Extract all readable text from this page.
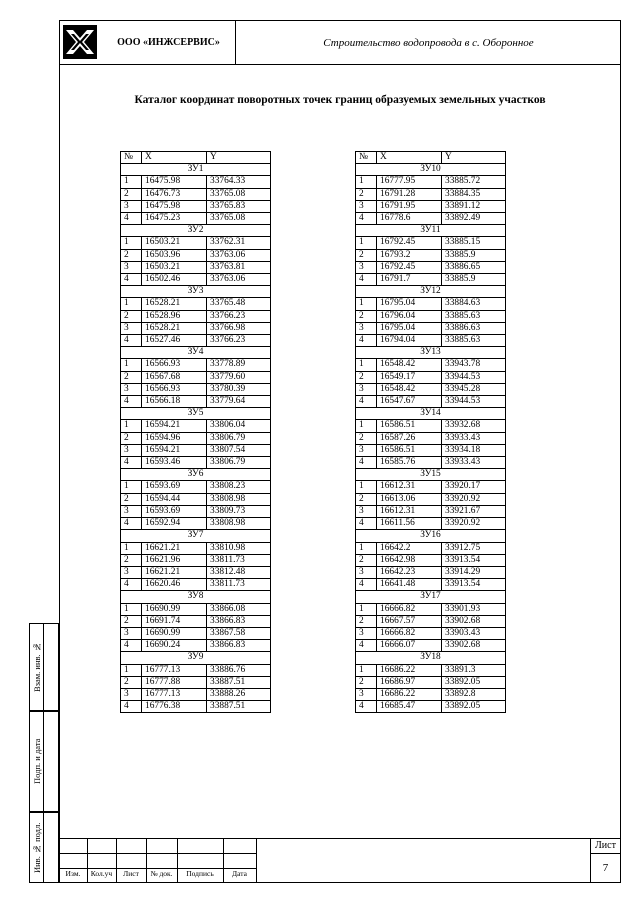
ООО «ИНЖСЕРВИС»	Строительство водопровода в с. Оборонное
Каталог координат поворотных точек границ образуемых земельных участков
№	X	Y
ЗУ1		
1	16475.98	33764.33
2	16476.73	33765.08
3	16475.98	33765.83
4	16475.23	33765.08
ЗУ2		
1	16503.21	33762.31
2	16503.96	33763.06
3	16503.21	33763.81
4	16502.46	33763.06
ЗУ3		
1	16528.21	33765.48
2	16528.96	33766.23
3	16528.21	33766.98
4	16527.46	33766.23
ЗУ4		
1	16566.93	33778.89
2	16567.68	33779.60
3	16566.93	33780.39
4	16566.18	33779.64
ЗУ5		
1	16594.21	33806.04
2	16594.96	33806.79
3	16594.21	33807.54
4	16593.46	33806.79
ЗУ6		
1	16593.69	33808.23
2	16594.44	33808.98
3	16593.69	33809.73
4	16592.94	33808.98
ЗУ7		
1	16621.21	33810.98
2	16621.96	33811.73
3	16621.21	33812.48
4	16620.46	33811.73
ЗУ8		
1	16690.99	33866.08
2	16691.74	33866.83
3	16690.99	33867.58
4	16690.24	33866.83
ЗУ9		
1	16777.13	33886.76
2	16777.88	33887.51
3	16777.13	33888.26
4	16776.38	33887.51
№	X	Y
ЗУ10		
1	16777.95	33885.72
2	16791.28	33884.35
3	16791.95	33891.12
4	16778.6	33892.49
ЗУ11		
1	16792.45	33885.15
2	16793.2	33885.9
3	16792.45	33886.65
4	16791.7	33885.9
ЗУ12		
1	16795.04	33884.63
2	16796.04	33885.63
3	16795.04	33886.63
4	16794.04	33885.63
ЗУ13		
1	16548.42	33943.78
2	16549.17	33944.53
3	16548.42	33945.28
4	16547.67	33944.53
ЗУ14		
1	16586.51	33932.68
2	16587.26	33933.43
3	16586.51	33934.18
4	16585.76	33933.43
ЗУ15		
1	16612.31	33920.17
2	16613.06	33920.92
3	16612.31	33921.67
4	16611.56	33920.92
ЗУ16		
1	16642.2	33912.75
2	16642.98	33913.54
3	16642.23	33914.29
4	16641.48	33913.54
ЗУ17		
1	16666.82	33901.93
2	16667.57	33902.68
3	16666.82	33903.43
4	16666.07	33902.68
ЗУ18		
1	16686.22	33891.3
2	16686.97	33892.05
3	16686.22	33892.8
4	16685.47	33892.05
Взам. инв. №
Подп. и дата
Инв. № подл.
Изм.	Кол.уч	Лист	№ док.	Подпись	Дата
Лист
7
